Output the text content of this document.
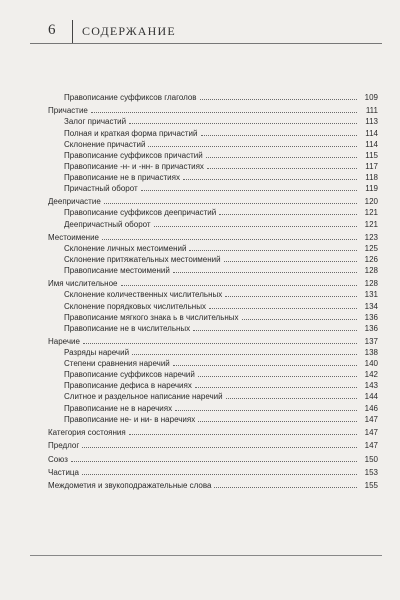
6 СОДЕРЖАНИЕ
Правописание суффиксов глаголов	109
Причастие	111
Залог причастий	113
Полная и краткая форма причастий	114
Склонение причастий	114
Правописание суффиксов причастий	115
Правописание -н- и -нн- в причастиях	117
Правописание не в причастиях	118
Причастный оборот	119
Деепричастие	120
Правописание суффиксов деепричастий	121
Деепричастный оборот	121
Местоимение	123
Склонение личных местоимений	125
Склонение притяжательных местоимений	126
Правописание местоимений	128
Имя числительное	128
Склонение количественных числительных	131
Склонение порядковых числительных	134
Правописание мягкого знака ь в числительных	136
Правописание не в числительных	136
Наречие	137
Разряды наречий	138
Степени сравнения наречий	140
Правописание суффиксов наречий	142
Правописание дефиса в наречиях	143
Слитное и раздельное написание наречий	144
Правописание не в наречиях	146
Правописание не- и ни- в наречиях	147
Категория состояния	147
Предлог	147
Союз	150
Частица	153
Междометия и звукоподражательные слова	155
